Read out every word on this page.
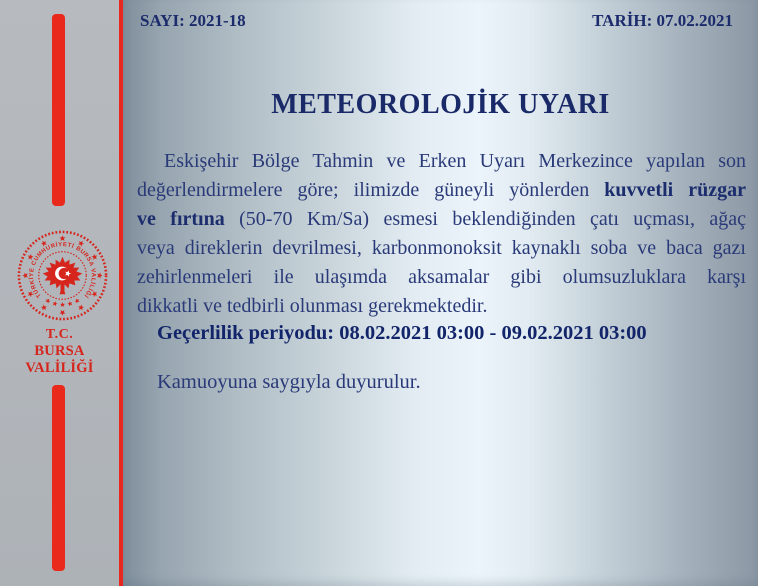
TÜRKİYE CUMHURİYETİ BURSA VALİLİĞİ
T.C.
BURSA VALİLİĞİ
SAYI: 2021-18	TARİH: 07.02.2021
METEOROLOJİK UYARI
Eskişehir Bölge Tahmin ve Erken Uyarı Merkezince yapılan son
değerlendirmelere göre; ilimizde güneyli yönlerden kuvvetli rüzgar
ve fırtına (50-70 Km/Sa) esmesi beklendiğinden çatı uçması, ağaç
veya direklerin devrilmesi, karbonmonoksit kaynaklı soba ve baca gazı
zehirlenmeleri ile ulaşımda aksamalar gibi olumsuzluklara karşı
dikkatli ve tedbirli olunması gerekmektedir.
Geçerlilik periyodu: 08.02.2021 03:00 - 09.02.2021 03:00
Kamuoyuna saygıyla duyurulur.
